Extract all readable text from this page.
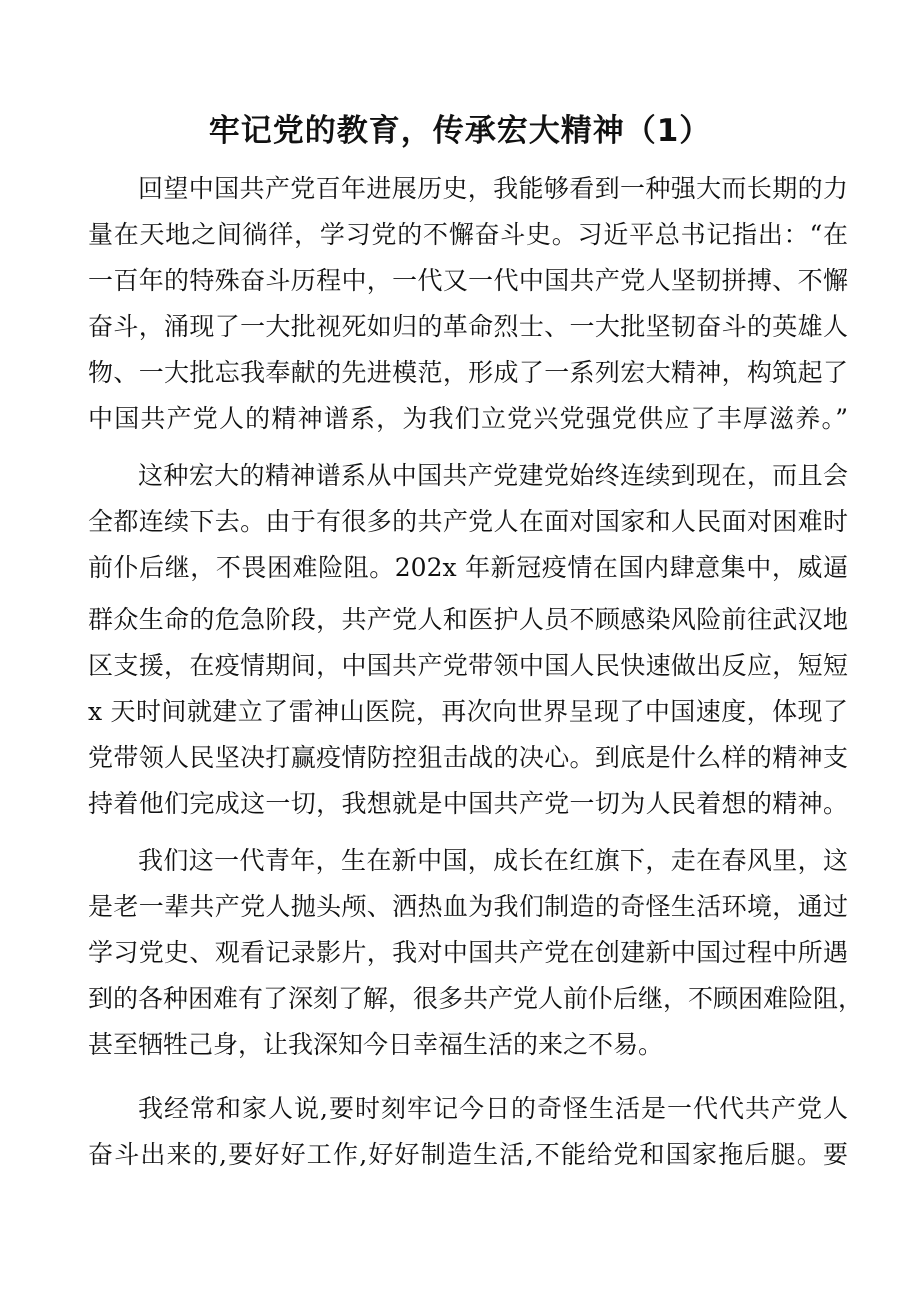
牢记党的教育，传承宏大精神（1）

回望中国共产党百年进展历史，我能够看到一种强大而长期的力

量在天地之间徜徉，学习党的不懈奋斗史。习近平总书记指出：“在

一百年的特殊奋斗历程中，一代又一代中国共产党人坚韧拼搏、不懈

奋斗，涌现了一大批视死如归的革命烈士、一大批坚韧奋斗的英雄人

物、一大批忘我奉献的先进模范，形成了一系列宏大精神，构筑起了

中国共产党人的精神谱系，为我们立党兴党强党供应了丰厚滋养。”

这种宏大的精神谱系从中国共产党建党始终连续到现在，而且会

全都连续下去。由于有很多的共产党人在面对国家和人民面对困难时

前仆后继，不畏困难险阻。202x 年新冠疫情在国内肆意集中，威逼

群众生命的危急阶段，共产党人和医护人员不顾感染风险前往武汉地

区支援，在疫情期间，中国共产党带领中国人民快速做出反应，短短

x 天时间就建立了雷神山医院，再次向世界呈现了中国速度，体现了

党带领人民坚决打赢疫情防控狙击战的决心。到底是什么样的精神支

持着他们完成这一切，我想就是中国共产党一切为人民着想的精神。

我们这一代青年，生在新中国，成长在红旗下，走在春风里，这

是老一辈共产党人抛头颅、洒热血为我们制造的奇怪生活环境，通过

学习党史、观看记录影片，我对中国共产党在创建新中国过程中所遇

到的各种困难有了深刻了解，很多共产党人前仆后继，不顾困难险阻，

甚至牺牲己身，让我深知今日幸福生活的来之不易。

我经常和家人说,要时刻牢记今日的奇怪生活是一代代共产党人

奋斗出来的,要好好工作,好好制造生活,不能给党和国家拖后腿。要
